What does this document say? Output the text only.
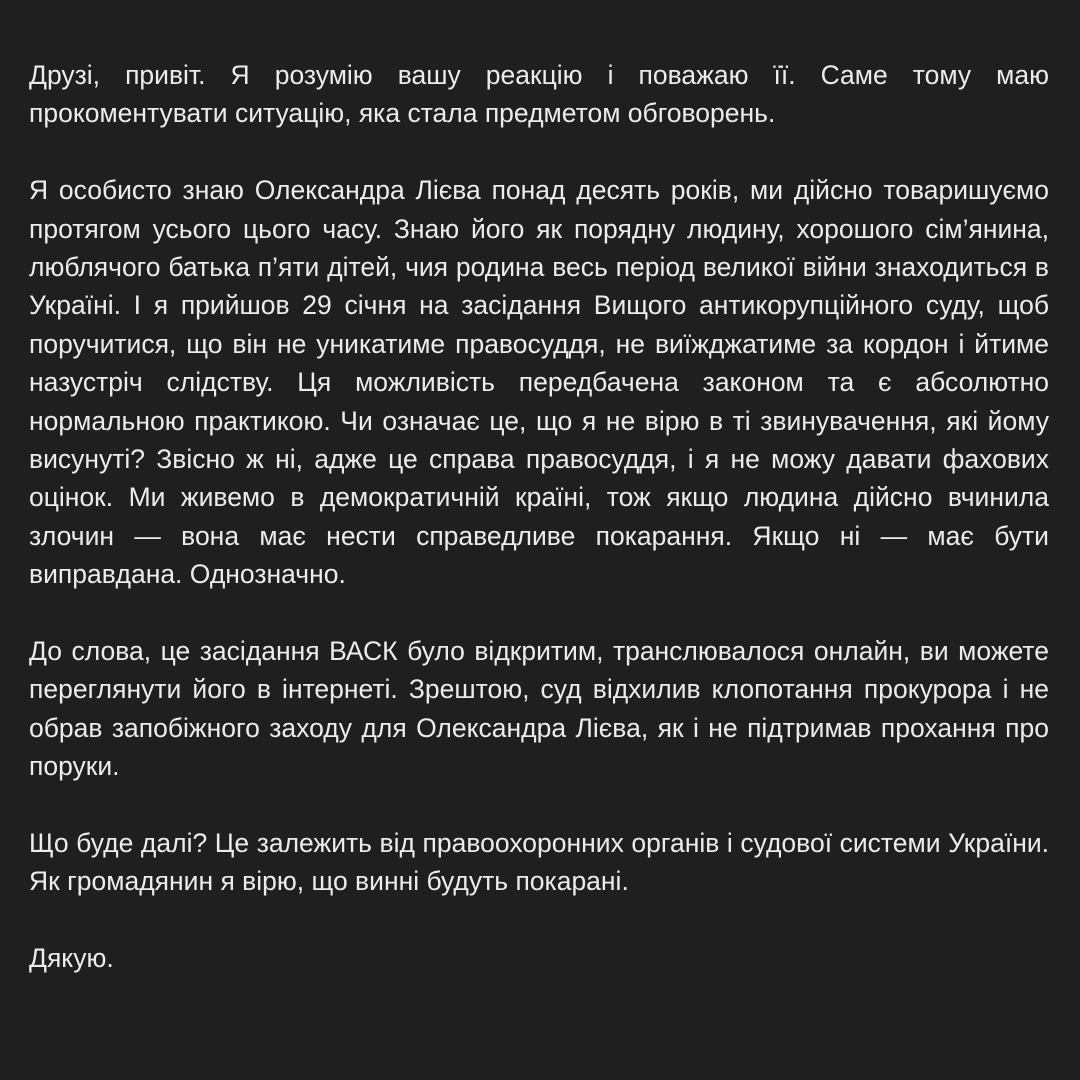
Друзі, привіт. Я розумію вашу реакцію і поважаю її. Саме тому маю прокоментувати ситуацію, яка стала предметом обговорень.

Я особисто знаю Олександра Лієва понад десять років, ми дійсно товаришуємо протягом усього цього часу. Знаю його як порядну людину, хорошого сім’янина, люблячого батька п’яти дітей, чия родина весь період великої війни знаходиться в Україні. І я прийшов 29 січня на засідання Вищого антикорупційного суду, щоб поручитися, що він не уникатиме правосуддя, не виїжджатиме за кордон і йтиме назустріч слідству. Ця можливість передбачена законом та є абсолютно нормальною практикою. Чи означає це, що я не вірю в ті звинувачення, які йому висунуті? Звісно ж ні, адже це справа правосуддя, і я не можу давати фахових оцінок. Ми живемо в демократичній країні, тож якщо людина дійсно вчинила злочин — вона має нести справедливе покарання. Якщо ні — має бути виправдана. Однозначно.

До слова, це засідання ВАСК було відкритим, транслювалося онлайн, ви можете переглянути його в інтернеті. Зрештою, суд відхилив клопотання прокурора і не обрав запобіжного заходу для Олександра Лієва, як і не підтримав прохання про поруки.

Що буде далі? Це залежить від правоохоронних органів і судової системи України. Як громадянин я вірю, що винні будуть покарані.

Дякую.
